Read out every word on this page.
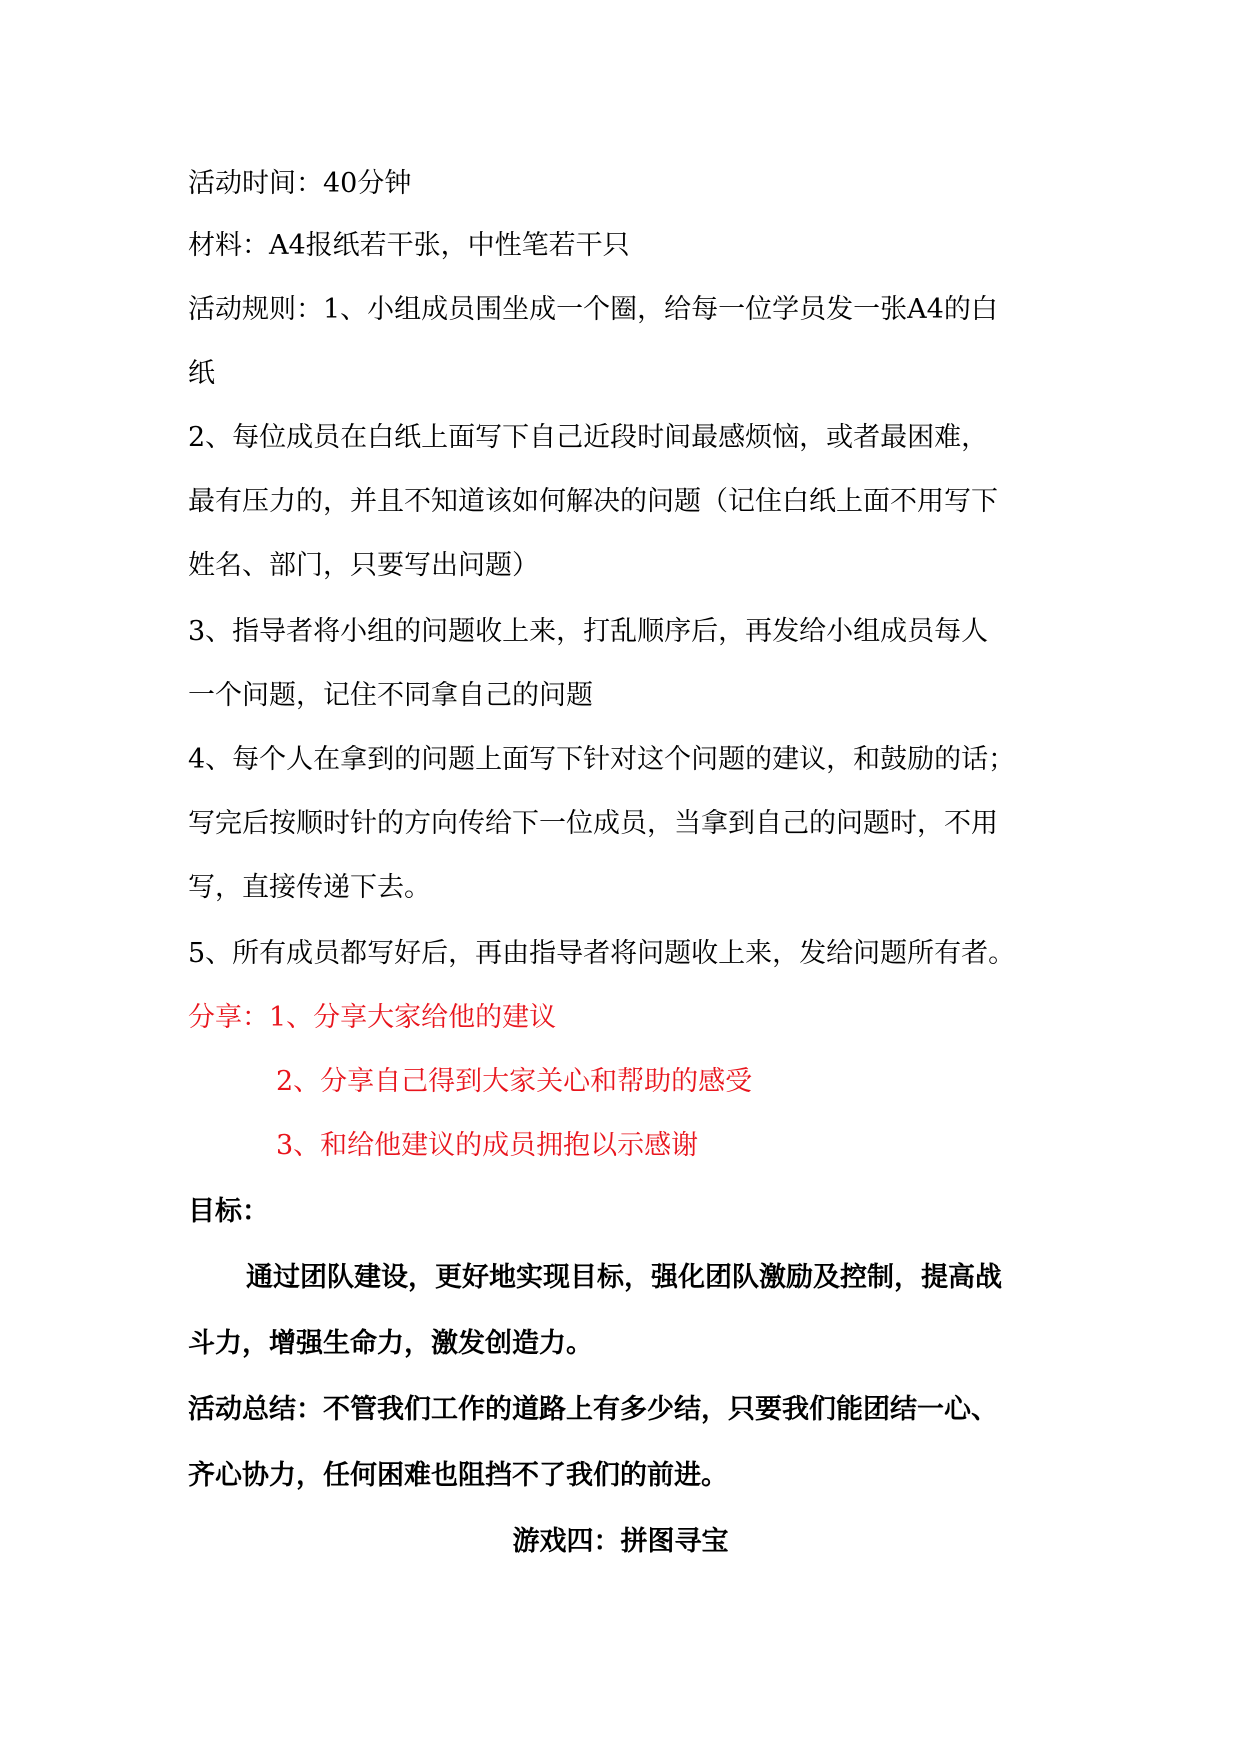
活动时间：40分钟
材料：A4报纸若干张，中性笔若干只
活动规则：1、小组成员围坐成一个圈，给每一位学员发一张A4的白
纸
2、每位成员在白纸上面写下自己近段时间最感烦恼，或者最困难，
最有压力的，并且不知道该如何解决的问题（记住白纸上面不用写下
姓名、部门，只要写出问题）
3、指导者将小组的问题收上来，打乱顺序后，再发给小组成员每人
一个问题，记住不同拿自己的问题
4、每个人在拿到的问题上面写下针对这个问题的建议，和鼓励的话；
写完后按顺时针的方向传给下一位成员，当拿到自己的问题时，不用
写，直接传递下去。
5、所有成员都写好后，再由指导者将问题收上来，发给问题所有者。
分享：1、分享大家给他的建议
2、分享自己得到大家关心和帮助的感受
3、和给他建议的成员拥抱以示感谢
目标：
通过团队建设，更好地实现目标，强化团队激励及控制，提高战
斗力，增强生命力，激发创造力。
活动总结：不管我们工作的道路上有多少结，只要我们能团结一心、
齐心协力，任何困难也阻挡不了我们的前进。
游戏四：拼图寻宝
